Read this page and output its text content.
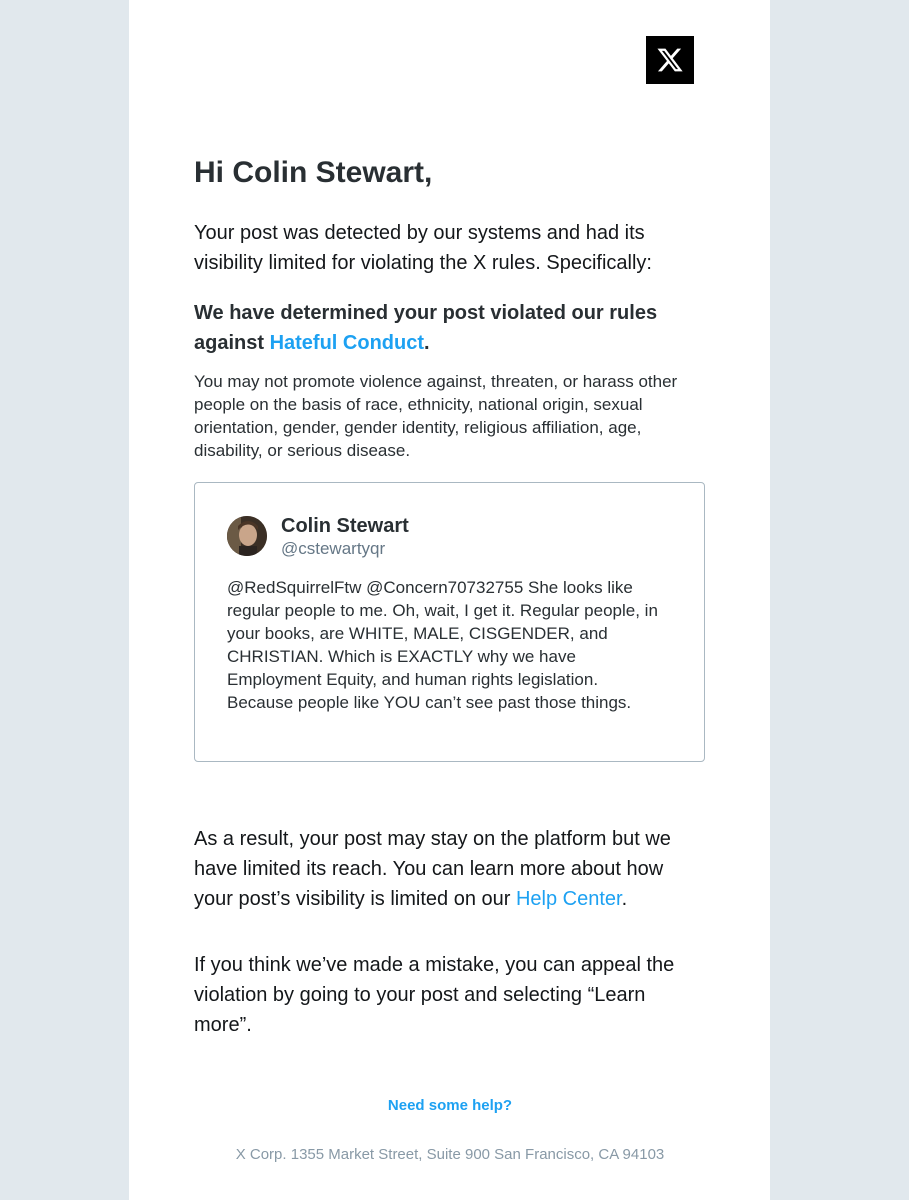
Hi Colin Stewart,
Your post was detected by our systems and had its visibility limited for violating the X rules. Specifically:
We have determined your post violated our rules against Hateful Conduct.
You may not promote violence against, threaten, or harass other people on the basis of race, ethnicity, national origin, sexual orientation, gender, gender identity, religious affiliation, age, disability, or serious disease.
Colin Stewart
@cstewartyqr
@RedSquirrelFtw @Concern70732755 She looks like regular people to me. Oh, wait, I get it. Regular people, in your books, are WHITE, MALE, CISGENDER, and CHRISTIAN. Which is EXACTLY why we have Employment Equity, and human rights legislation. Because people like YOU can’t see past those things.
As a result, your post may stay on the platform but we have limited its reach. You can learn more about how your post’s visibility is limited on our Help Center.
If you think we’ve made a mistake, you can appeal the violation by going to your post and selecting “Learn more”.
Need some help?
X Corp. 1355 Market Street, Suite 900 San Francisco, CA 94103
